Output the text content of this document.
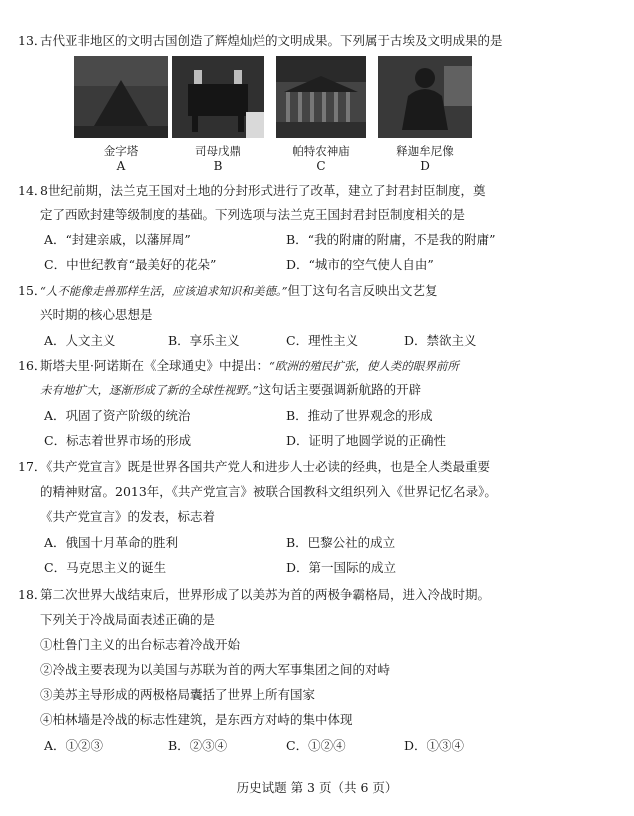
13．古代亚非地区的文明古国创造了辉煌灿烂的文明成果。下列属于古埃及文明成果的是
金字塔	司母戊鼎	帕特农神庙	释迦牟尼像
A	B	C	D
14．8世纪前期，法兰克王国对土地的分封形式进行了改革，建立了封君封臣制度，奠
定了西欧封建等级制度的基础。下列选项与法兰克王国封君封臣制度相关的是
A．“封建亲戚，以藩屏周”	B．“我的附庸的附庸，不是我的附庸”
C．中世纪教育“最美好的花朵”	D．“城市的空气使人自由”
15．“人不能像走兽那样生活，应该追求知识和美德。”但丁这句名言反映出文艺复
兴时期的核心思想是
A．人文主义	B．享乐主义	C．理性主义	D．禁欲主义
16．斯塔夫里·阿诺斯在《全球通史》中提出：“欧洲的殖民扩张，使人类的眼界前所
未有地扩大，逐渐形成了新的全球性视野。”这句话主要强调新航路的开辟
A．巩固了资产阶级的统治	B．推动了世界观念的形成
C．标志着世界市场的形成	D．证明了地圆学说的正确性
17．《共产党宣言》既是世界各国共产党人和进步人士必读的经典，也是全人类最重要
的精神财富。2013年，《共产党宣言》被联合国教科文组织列入《世界记忆名录》。
《共产党宣言》的发表，标志着
A．俄国十月革命的胜利	B．巴黎公社的成立
C．马克思主义的诞生	D．第一国际的成立
18．第二次世界大战结束后，世界形成了以美苏为首的两极争霸格局，进入冷战时期。
下列关于冷战局面表述正确的是
①杜鲁门主义的出台标志着冷战开始
②冷战主要表现为以美国与苏联为首的两大军事集团之间的对峙
③美苏主导形成的两极格局囊括了世界上所有国家
④柏林墙是冷战的标志性建筑，是东西方对峙的集中体现
A．①②③	B．②③④	C．①②④	D．①③④
历史试题 第 3 页（共 6 页）
